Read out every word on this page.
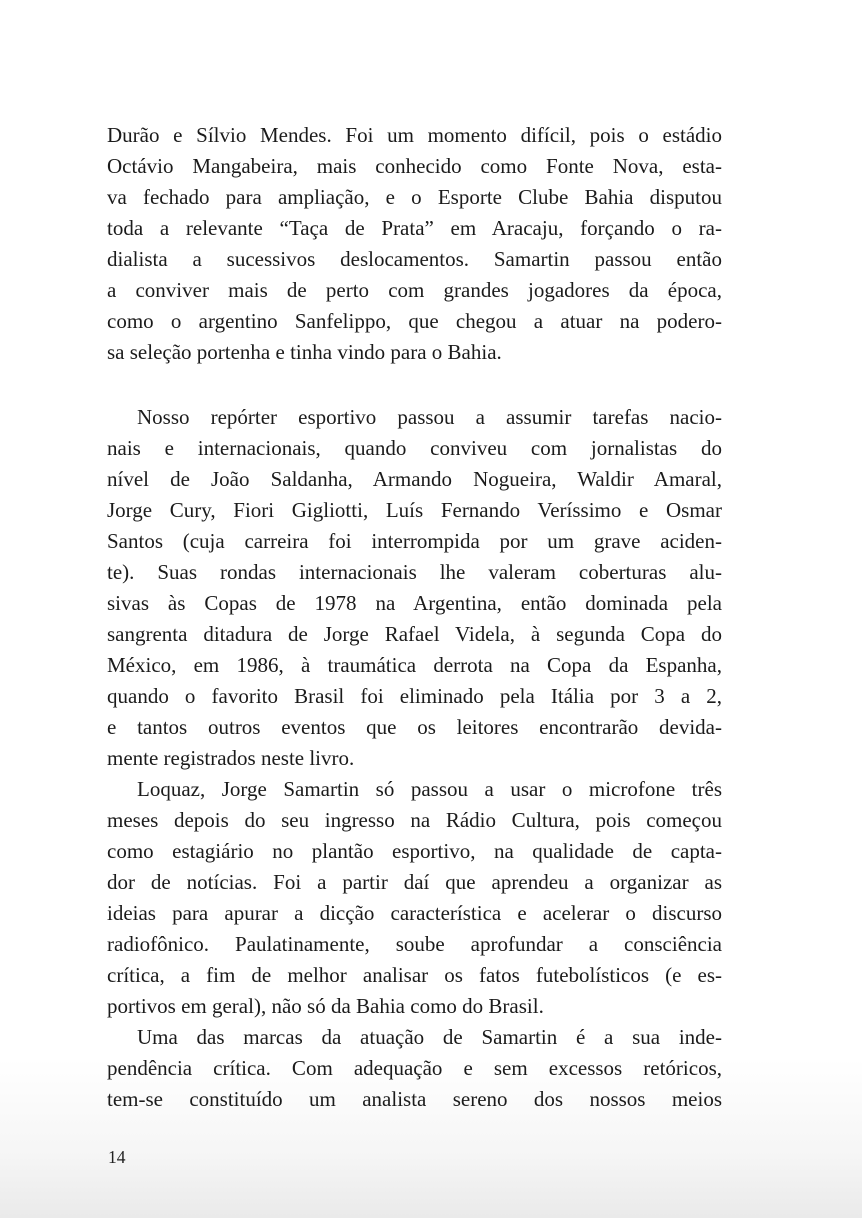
Durão e Sílvio Mendes. Foi um momento difícil, pois o estádio
Octávio Mangabeira, mais conhecido como Fonte Nova, esta-
va fechado para ampliação, e o Esporte Clube Bahia disputou
toda a relevante “Taça de Prata” em Aracaju, forçando o ra-
dialista a sucessivos deslocamentos. Samartin passou então
a conviver mais de perto com grandes jogadores da época,
como o argentino Sanfelippo, que chegou a atuar na podero-
sa seleção portenha e tinha vindo para o Bahia.
Nosso repórter esportivo passou a assumir tarefas nacio-
nais e internacionais, quando conviveu com jornalistas do
nível de João Saldanha, Armando Nogueira, Waldir Amaral,
Jorge Cury, Fiori Gigliotti, Luís Fernando Veríssimo e Osmar
Santos (cuja carreira foi interrompida por um grave aciden-
te). Suas rondas internacionais lhe valeram coberturas alu-
sivas às Copas de 1978 na Argentina, então dominada pela
sangrenta ditadura de Jorge Rafael Videla, à segunda Copa do
México, em 1986, à traumática derrota na Copa da Espanha,
quando o favorito Brasil foi eliminado pela Itália por 3 a 2,
e tantos outros eventos que os leitores encontrarão devida-
mente registrados neste livro.
Loquaz, Jorge Samartin só passou a usar o microfone três
meses depois do seu ingresso na Rádio Cultura, pois começou
como estagiário no plantão esportivo, na qualidade de capta-
dor de notícias. Foi a partir daí que aprendeu a organizar as
ideias para apurar a dicção característica e acelerar o discurso
radiofônico. Paulatinamente, soube aprofundar a consciência
crítica, a fim de melhor analisar os fatos futebolísticos (e es-
portivos em geral), não só da Bahia como do Brasil.
Uma das marcas da atuação de Samartin é a sua inde-
pendência crítica. Com adequação e sem excessos retóricos,
tem-se constituído um analista sereno dos nossos meios
14
